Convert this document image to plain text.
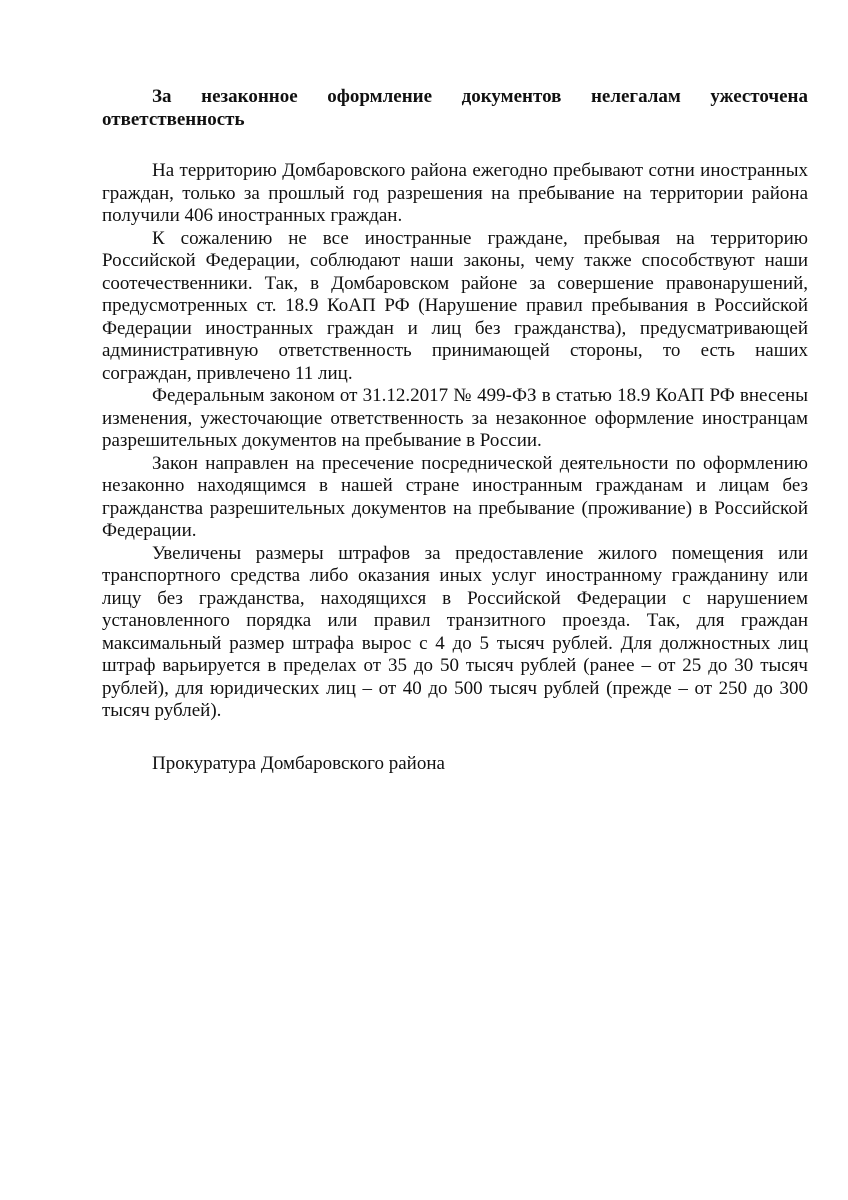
За незаконное оформление документов нелегалам ужесточена ответственность

На территорию Домбаровского района ежегодно пребывают сотни иностранных граждан, только за прошлый год разрешения на пребывание на территории района получили 406 иностранных граждан.

К сожалению не все иностранные граждане, пребывая на территорию Российской Федерации, соблюдают наши законы, чему также способствуют наши соотечественники. Так, в Домбаровском районе за совершение правонарушений, предусмотренных ст. 18.9 КоАП РФ (Нарушение правил пребывания в Российской Федерации иностранных граждан и лиц без гражданства), предусматривающей административную ответственность принимающей стороны, то есть наших сограждан, привлечено 11 лиц.

Федеральным законом от 31.12.2017 № 499-ФЗ в статью 18.9 КоАП РФ внесены изменения, ужесточающие ответственность за незаконное оформление иностранцам разрешительных документов на пребывание в России.

Закон направлен на пресечение посреднической деятельности по оформлению незаконно находящимся в нашей стране иностранным гражданам и лицам без гражданства разрешительных документов на пребывание (проживание) в Российской Федерации.

Увеличены размеры штрафов за предоставление жилого помещения или транспортного средства либо оказания иных услуг иностранному гражданину или лицу без гражданства, находящихся в Российской Федерации с нарушением установленного порядка или правил транзитного проезда. Так, для граждан максимальный размер штрафа вырос с 4 до 5 тысяч рублей. Для должностных лиц штраф варьируется в пределах от 35 до 50 тысяч рублей (ранее – от 25 до 30 тысяч рублей), для юридических лиц – от 40 до 500 тысяч рублей (прежде – от 250 до 300 тысяч рублей).

Прокуратура Домбаровского района
